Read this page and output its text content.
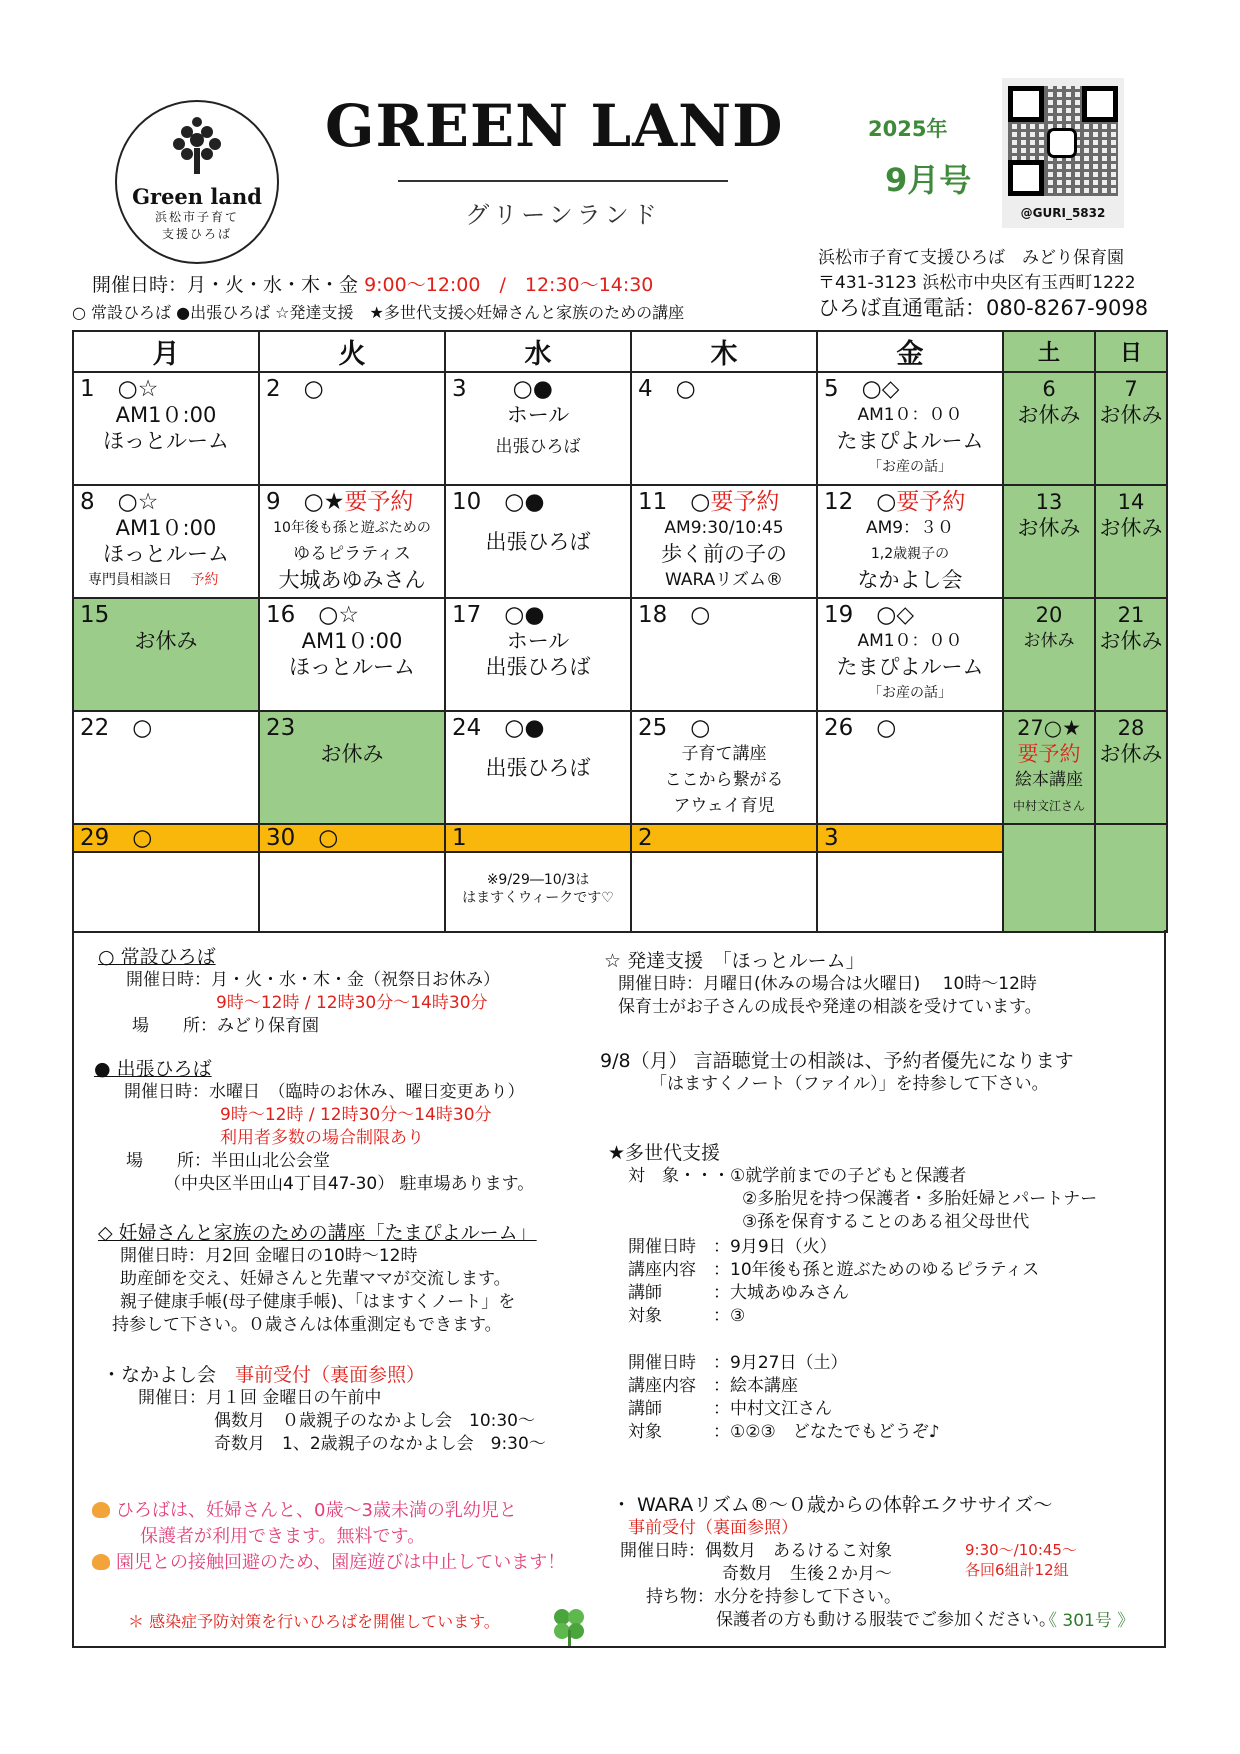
Green land
浜松市子育て
支援ひろば
GREEN LAND
グリーンランド
2025年
9月号
@GURI_5832
浜松市子育て支援ひろば　みどり保育園
〒431-3123 浜松市中央区有玉西町1222
ひろば直通電話：080-8267-9098
開催日時：月・火・水・木・金 9:00～12:00　/　12:30～14:30
○ 常設ひろば ●出張ひろば ☆発達支援　★多世代支援◇妊婦さんと家族のための講座
月	火	水	木	金	土	日

1　○☆
AM1０:00
ほっとルーム	2　○	3　　○●
ホール
出張ひろば	4　○	5　○◇
AM1０：００
たまぴよルーム
「お産の話」	6
お休み	7
お休み

8　○☆
AM1０:00
ほっとルーム
専門員相談日 予約	9　○★要予約
10年後も孫と遊ぶための
ゆるピラティス
大城あゆみさん	10　○●
出張ひろば	11　○要予約
AM9:30/10:45
歩く前の子の
WARAリズム®	12　○要予約
AM9：３０
1,2歳親子の
なかよし会	13
お休み	14
お休み

15
お休み	16　○☆
AM1０:00
ほっとルーム	17　○●
ホール
出張ひろば	18　○	19　○◇
AM1０：００
たまぴよルーム
「お産の話」	20
お休み	21
お休み

22　○	23
お休み	24　○●
出張ひろば	25　○
子育て講座
ここから繋がる
アウェイ育児	26　○	27○★
要予約
絵本講座
中村文江さん	28
お休み

29　○	30　○	1	2	3		

		※9/29―10/3は
はますくウィークです♡				

○ 常設ひろば
開催日時：月・火・水・木・金（祝祭日お休み）
9時～12時 / 12時30分～14時30分
場　　所：みどり保育園
● 出張ひろば
開催日時：水曜日　（臨時のお休み、曜日変更あり）
9時～12時 / 12時30分～14時30分
利用者多数の場合制限あり
場　　所：半田山北公会堂
（中央区半田山4丁目47-30） 駐車場あります。
◇ 妊婦さんと家族のための講座「たまぴよルーム」
開催日時：月2回 金曜日の10時～12時
助産師を交え、妊婦さんと先輩ママが交流します。
親子健康手帳(母子健康手帳)、「はますくノート」を
持参して下さい。０歳さんは体重測定もできます。
・なかよし会　 事前受付（裏面参照）
開催日：月１回 金曜日の午前中
偶数月　０歳親子のなかよし会　10:30～
奇数月　1、2歳親子のなかよし会　9:30～
ひろばは、妊婦さんと、0歳～3歳未満の乳幼児と
保護者が利用できます。無料です。
園児との接触回避のため、園庭遊びは中止しています！
＊ 感染症予防対策を行いひろばを開催しています。
☆ 発達支援　「ほっとルーム」
開催日時：月曜日(休みの場合は火曜日)　 10時～12時
保育士がお子さんの成長や発達の相談を受けています。
9/8（月） 言語聴覚士の相談は、予約者優先になります
「はますくノート（ファイル）」を持参して下さい。
★多世代支援
対　象・・・①就学前までの子どもと保護者
②多胎児を持つ保護者・多胎妊婦とパートナー
③孫を保育することのある祖父母世代
開催日時　：9月9日（火）
講座内容　：10年後も孫と遊ぶためのゆるピラティス
講師　　　：大城あゆみさん
対象　　　：③
開催日時　：9月27日（土）
講座内容　：絵本講座
講師　　　：中村文江さん
対象　　　：①②③　どなたでもどうぞ♪
・ WARAリズム®～０歳からの体幹エクササイズ～
事前受付（裏面参照）
開催日時：偶数月　あるけるこ対象
奇数月　生後２か月～
持ち物：水分を持参して下さい。
保護者の方も動ける服装でご参加ください。
9:30～/10:45～
各回6組計12組
《 301号 》
